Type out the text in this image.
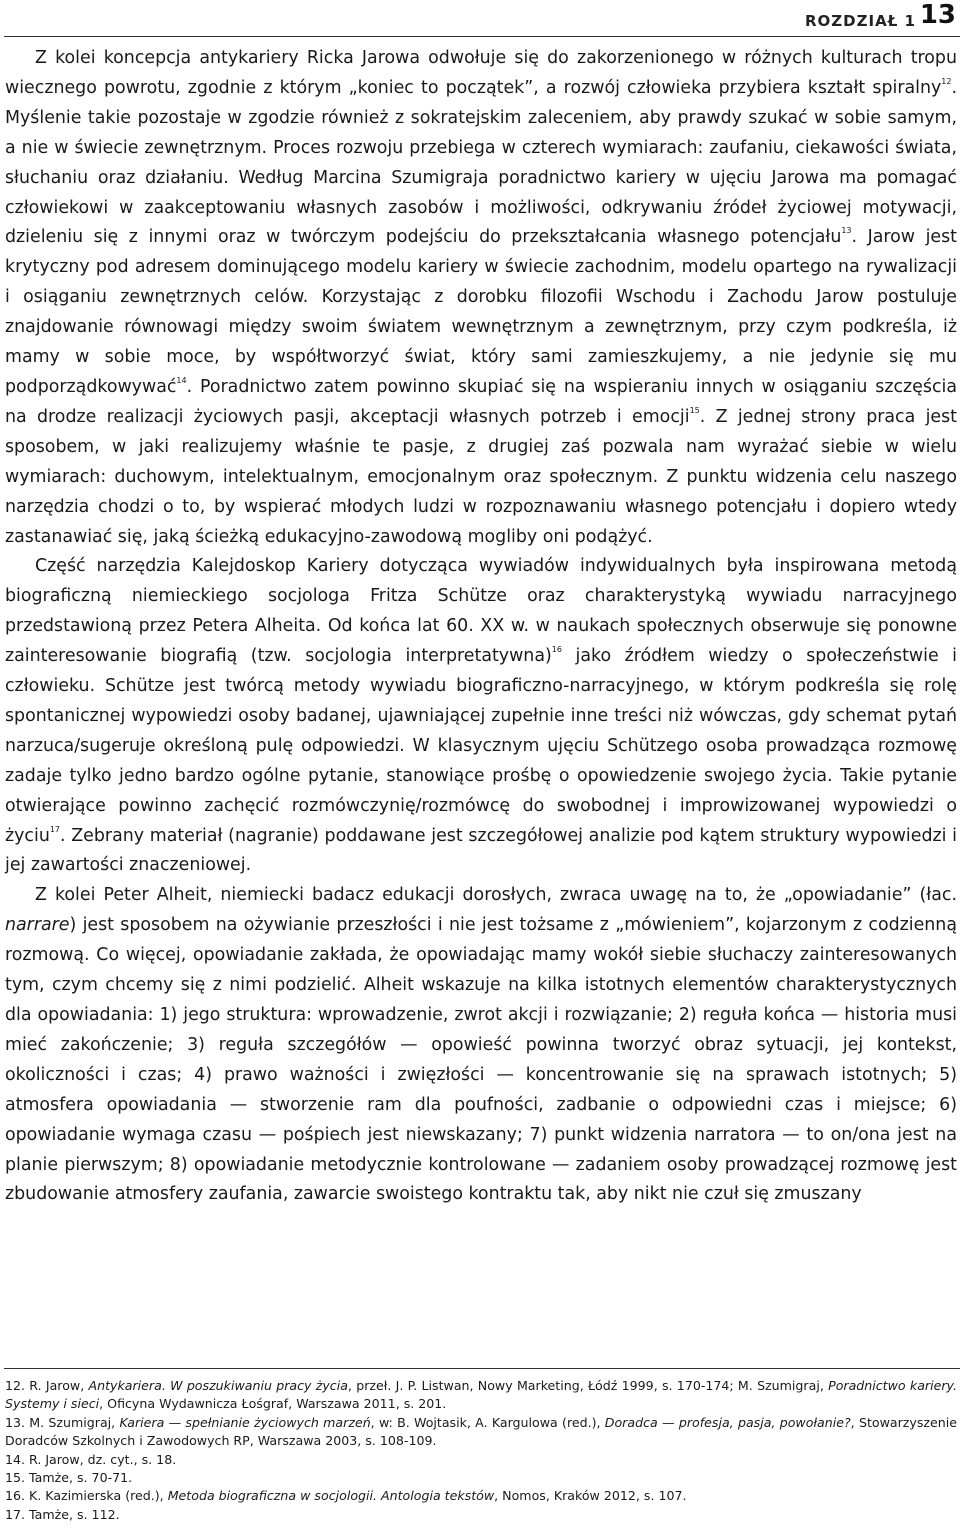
ROZDZIAŁ 1 13

Z kolei koncepcja antykariery Ricka Jarowa odwołuje się do zakorzenionego w różnych kulturach tropu wiecznego powrotu, zgodnie z którym „koniec to początek”, a rozwój człowieka przybiera kształt spiralny$^{12}$. Myślenie takie pozostaje w zgodzie również z sokratejskim zaleceniem, aby prawdy szukać w sobie samym, a nie w świecie zewnętrznym. Proces rozwoju przebiega w czterech wymiarach: zaufaniu, ciekawości świata, słuchaniu oraz działaniu. Według Marcina Szumigraja poradnictwo kariery w ujęciu Jarowa ma pomagać człowiekowi w zaakceptowaniu własnych zasobów i możliwości, odkrywaniu źródeł życiowej motywacji, dzieleniu się z innymi oraz w twórczym podejściu do przekształcania własnego potencjału$^{13}$. Jarow jest krytyczny pod adresem dominującego modelu kariery w świecie zachodnim, modelu opartego na rywalizacji i osiąganiu zewnętrznych celów. Korzystając z dorobku filozofii Wschodu i Zachodu Jarow postuluje znajdowanie równowagi między swoim światem wewnętrznym a zewnętrznym, przy czym podkreśla, iż mamy w sobie moce, by współtworzyć świat, który sami zamieszkujemy, a nie jedynie się mu podporządkowywać$^{14}$. Poradnictwo zatem powinno skupiać się na wspieraniu innych w osiąganiu szczęścia na drodze realizacji życiowych pasji, akceptacji własnych potrzeb i emocji$^{15}$. Z jednej strony praca jest sposobem, w jaki realizujemy właśnie te pasje, z drugiej zaś pozwala nam wyrażać siebie w wielu wymiarach: duchowym, intelektualnym, emocjonalnym oraz społecznym. Z punktu widzenia celu naszego narzędzia chodzi o to, by wspierać młodych ludzi w rozpoznawaniu własnego potencjału i dopiero wtedy zastanawiać się, jaką ścieżką edukacyjno-zawodową mogliby oni podążyć.

Część narzędzia Kalejdoskop Kariery dotycząca wywiadów indywidualnych była inspirowana metodą biograficzną niemieckiego socjologa Fritza Schütze oraz charakterystyką wywiadu narracyjnego przedstawioną przez Petera Alheita. Od końca lat 60. XX w. w naukach społecznych obserwuje się ponowne zainteresowanie biografią (tzw. socjologia interpretatywna)$^{16}$ jako źródłem wiedzy o społeczeństwie i człowieku. Schütze jest twórcą metody wywiadu biograficzno-narracyjnego, w którym podkreśla się rolę spontanicznej wypowiedzi osoby badanej, ujawniającej zupełnie inne treści niż wówczas, gdy schemat pytań narzuca/sugeruje określoną pulę odpowiedzi. W klasycznym ujęciu Schützego osoba prowadząca rozmowę zadaje tylko jedno bardzo ogólne pytanie, stanowiące prośbę o opowiedzenie swojego życia. Takie pytanie otwierające powinno zachęcić rozmówczynię/rozmówcę do swobodnej i improwizowanej wypowiedzi o życiu$^{17}$. Zebrany materiał (nagranie) poddawane jest szczegółowej analizie pod kątem struktury wypowiedzi i jej zawartości znaczeniowej.

Z kolei Peter Alheit, niemiecki badacz edukacji dorosłych, zwraca uwagę na to, że „opowiadanie” (łac. narrare) jest sposobem na ożywianie przeszłości i nie jest tożsame z „mówieniem”, kojarzonym z codzienną rozmową. Co więcej, opowiadanie zakłada, że opowiadając mamy wokół siebie słuchaczy zainteresowanych tym, czym chcemy się z nimi podzielić. Alheit wskazuje na kilka istotnych elementów charakterystycznych dla opowiadania: 1) jego struktura: wprowadzenie, zwrot akcji i rozwiązanie; 2) reguła końca — historia musi mieć zakończenie; 3) reguła szczegółów — opowieść powinna tworzyć obraz sytuacji, jej kontekst, okoliczności i czas; 4) prawo ważności i zwięzłości — koncentrowanie się na sprawach istotnych; 5) atmosfera opowiadania — stworzenie ram dla poufności, zadbanie o odpowiedni czas i miejsce; 6) opowiadanie wymaga czasu — pośpiech jest niewskazany; 7) punkt widzenia narratora — to on/ona jest na planie pierwszym; 8) opowiadanie metodycznie kontrolowane — zadaniem osoby prowadzącej rozmowę jest zbudowanie atmosfery zaufania, zawarcie swoistego kontraktu tak, aby nikt nie czuł się zmuszany

12. R. Jarow, Antykariera. W poszukiwaniu pracy życia, przeł. J. P. Listwan, Nowy Marketing, Łódź 1999, s. 170-174; M. Szumigraj, Poradnictwo kariery. Systemy i sieci, Oficyna Wydawnicza Łośgraf, Warszawa 2011, s. 201.
13. M. Szumigraj, Kariera — spełnianie życiowych marzeń, w: B. Wojtasik, A. Kargulowa (red.), Doradca — profesja, pasja, powołanie?, Stowarzyszenie Doradców Szkolnych i Zawodowych RP, Warszawa 2003, s. 108-109.
14. R. Jarow, dz. cyt., s. 18.
15. Tamże, s. 70-71.
16. K. Kazimierska (red.), Metoda biograficzna w socjologii. Antologia tekstów, Nomos, Kraków 2012, s. 107.
17. Tamże, s. 112.
